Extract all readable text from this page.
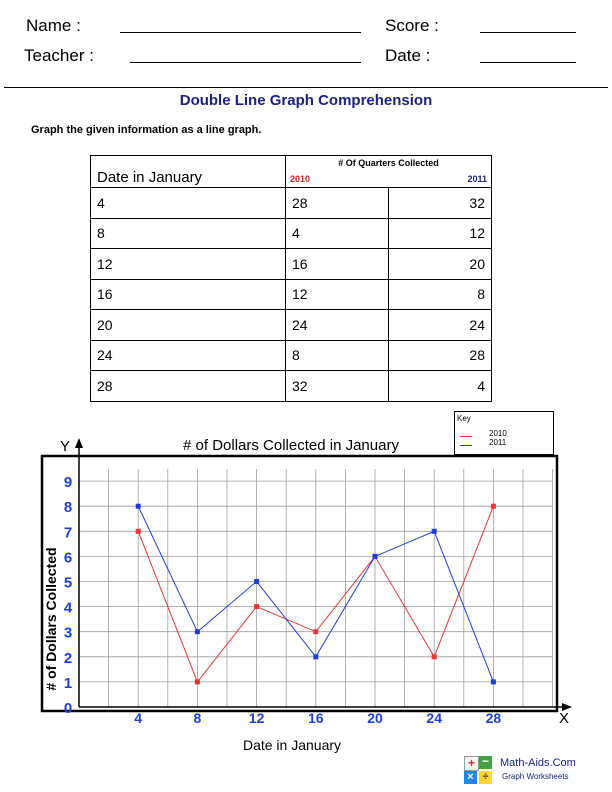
Name :	Score :
Teacher :	Date :
Double Line Graph Comprehension
Graph the given information as a line graph.
Date in January	# Of Quarters Collected
2010 2011	

4	28	32
8	4	12
12	16	20
16	12	8
20	24	24
24	8	28
28	32	4
Key
2010
2011
# of Dollars Collected in January
Y
X
Date in January
# of Dollars Collected
0
1
2
3
4
5
6
7
8
9
4	8	12	16	20	24	28
+ −
× ÷
Math-Aids.Com
Graph Worksheets
